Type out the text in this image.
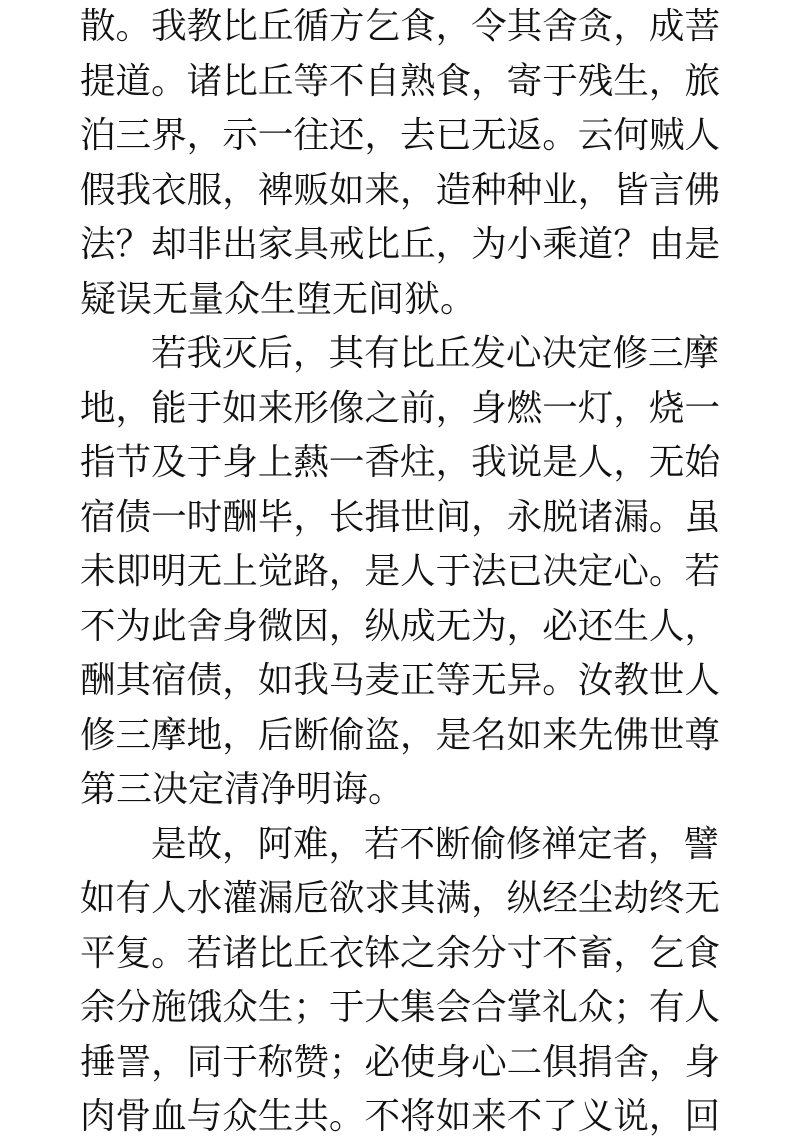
散。我教比丘循方乞食，令其舍贪，成菩
提道。诸比丘等不自熟食，寄于残生，旅
泊三界，示一往还，去已无返。云何贼人
假我衣服，裨贩如来，造种种业，皆言佛
法？却非出家具戒比丘，为小乘道？由是
疑误无量众生堕无间狱。
若我灭后，其有比丘发心决定修三摩
地，能于如来形像之前，身燃一灯，烧一
指节及于身上爇一香炷，我说是人，无始
宿债一时酬毕，长揖世间，永脱诸漏。虽
未即明无上觉路，是人于法已决定心。若
不为此舍身微因，纵成无为，必还生人，
酬其宿债，如我马麦正等无异。汝教世人
修三摩地，后断偷盗，是名如来先佛世尊
第三决定清净明诲。
是故，阿难，若不断偷修禅定者，譬
如有人水灌漏卮欲求其满，纵经尘劫终无
平复。若诸比丘衣钵之余分寸不畜，乞食
余分施饿众生；于大集会合掌礼众；有人
捶詈，同于称赞；必使身心二俱捐舍，身
肉骨血与众生共。不将如来不了义说，回
